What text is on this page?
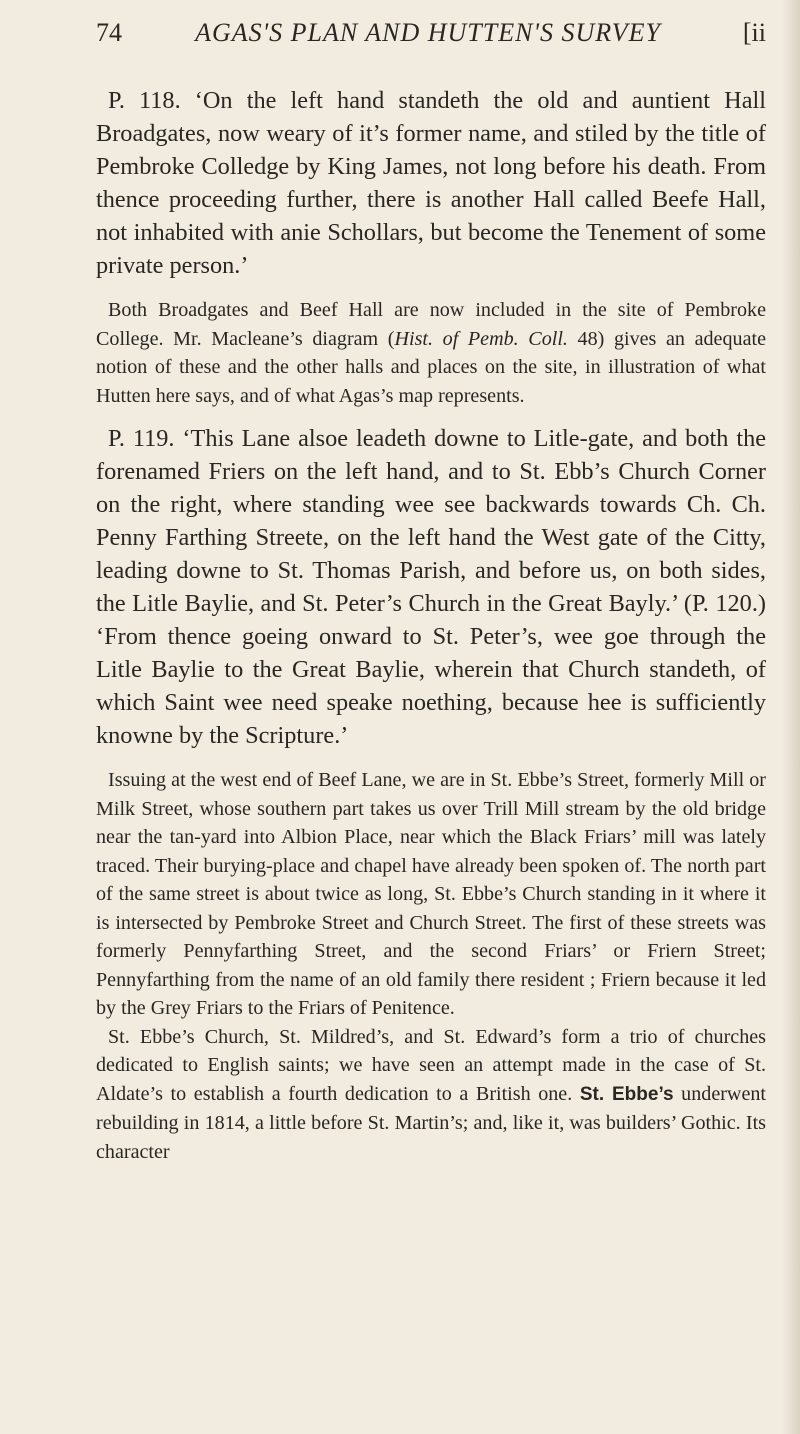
74	AGAS'S PLAN AND HUTTEN'S SURVEY	[ii

P. 118. ‘On the left hand standeth the old and auntient Hall Broadgates, now weary of it’s former name, and stiled by the title of Pembroke Colledge by King James, not long before his death. From thence proceeding further, there is another Hall called Beefe Hall, not inhabited with anie Schollars, but become the Tenement of some private person.’

Both Broadgates and Beef Hall are now included in the site of Pembroke College. Mr. Macleane’s diagram (Hist. of Pemb. Coll. 48) gives an adequate notion of these and the other halls and places on the site, in illustration of what Hutten here says, and of what Agas’s map represents.

P. 119. ‘This Lane alsoe leadeth downe to Litle-gate, and both the forenamed Friers on the left hand, and to St. Ebb’s Church Corner on the right, where standing wee see backwards towards Ch. Ch. Penny Farthing Streete, on the left hand the West gate of the Citty, leading downe to St. Thomas Parish, and before us, on both sides, the Litle Baylie, and St. Peter’s Church in the Great Bayly.’ (P. 120.) ‘From thence goeing onward to St. Peter’s, wee goe through the Litle Baylie to the Great Baylie, wherein that Church standeth, of which Saint wee need speake noething, because hee is sufficiently knowne by the Scripture.’

Issuing at the west end of Beef Lane, we are in St. Ebbe’s Street, formerly Mill or Milk Street, whose southern part takes us over Trill Mill stream by the old bridge near the tan-yard into Albion Place, near which the Black Friars’ mill was lately traced. Their burying-place and chapel have already been spoken of. The north part of the same street is about twice as long, St. Ebbe’s Church standing in it where it is intersected by Pembroke Street and Church Street. The first of these streets was formerly Pennyfarthing Street, and the second Friars’ or Friern Street; Pennyfarthing from the name of an old family there resident ; Friern because it led by the Grey Friars to the Friars of Penitence.

St. Ebbe’s Church, St. Mildred’s, and St. Edward’s form a trio of churches dedicated to English saints; we have seen an attempt made in the case of St. Aldate’s to establish a fourth dedication to a British one. St. Ebbe’s underwent rebuilding in 1814, a little before St. Martin’s; and, like it, was builders’ Gothic. Its character
